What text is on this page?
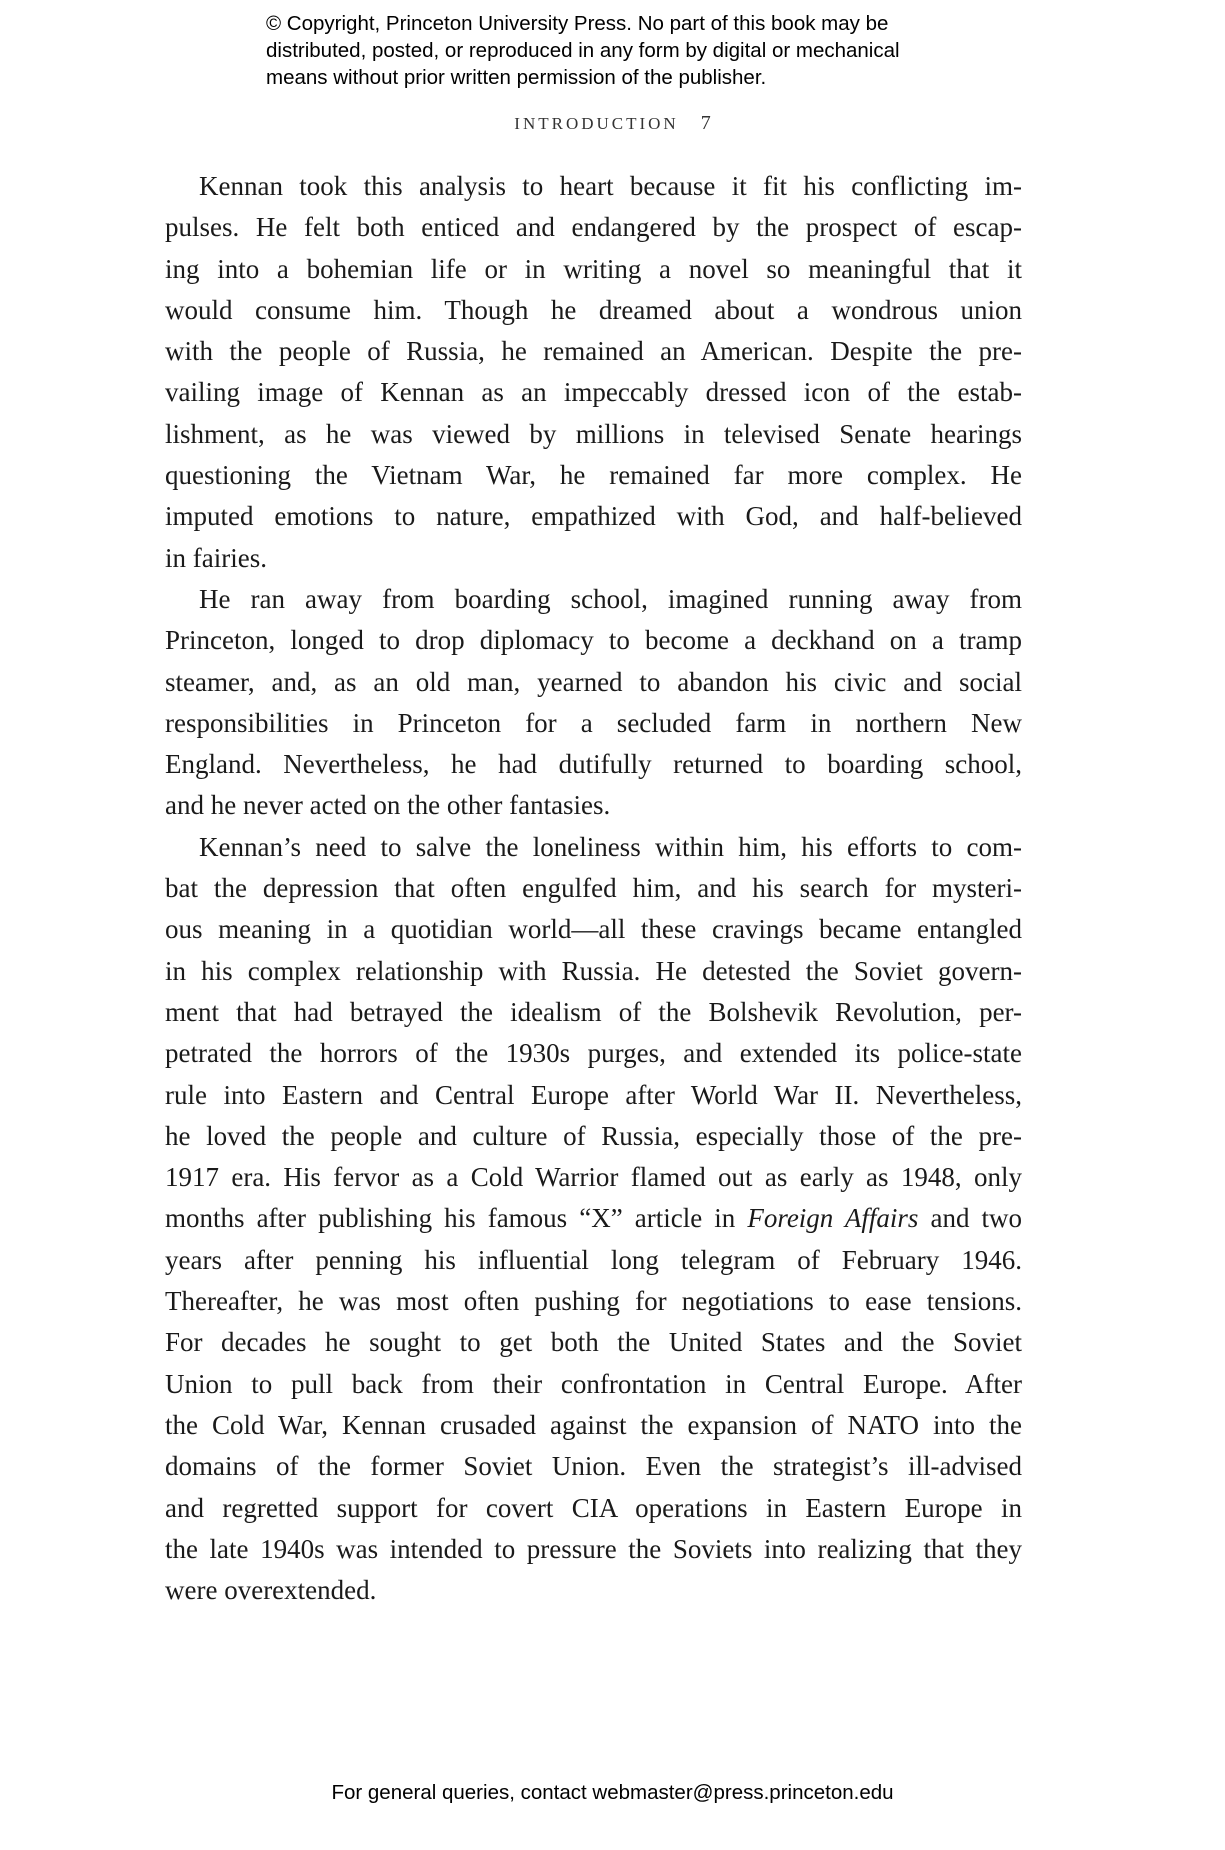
© Copyright, Princeton University Press. No part of this book may be
distributed, posted, or reproduced in any form by digital or mechanical
means without prior written permission of the publisher.
INTRODUCTION 7
Kennan took this analysis to heart because it fit his conflicting im-
pulses. He felt both enticed and endangered by the prospect of escap-
ing into a bohemian life or in writing a novel so meaningful that it
would consume him. Though he dreamed about a wondrous union
with the people of Russia, he remained an American. Despite the pre-
vailing image of Kennan as an impeccably dressed icon of the estab-
lishment, as he was viewed by millions in televised Senate hearings
questioning the Vietnam War, he remained far more complex. He
imputed emotions to nature, empathized with God, and half-believed
in fairies.
He ran away from boarding school, imagined running away from
Princeton, longed to drop diplomacy to become a deckhand on a tramp
steamer, and, as an old man, yearned to abandon his civic and social
responsibilities in Princeton for a secluded farm in northern New
England. Nevertheless, he had dutifully returned to boarding school,
and he never acted on the other fantasies.
Kennan’s need to salve the loneliness within him, his efforts to com-
bat the depression that often engulfed him, and his search for mysteri-
ous meaning in a quotidian world—all these cravings became entangled
in his complex relationship with Russia. He detested the Soviet govern-
ment that had betrayed the idealism of the Bolshevik Revolution, per-
petrated the horrors of the 1930s purges, and extended its police-state
rule into Eastern and Central Europe after World War II. Nevertheless,
he loved the people and culture of Russia, especially those of the pre-
1917 era. His fervor as a Cold Warrior flamed out as early as 1948, only
months after publishing his famous “X” article in Foreign Affairs and two
years after penning his influential long telegram of February 1946.
Thereafter, he was most often pushing for negotiations to ease tensions.
For decades he sought to get both the United States and the Soviet
Union to pull back from their confrontation in Central Europe. After
the Cold War, Kennan crusaded against the expansion of NATO into the
domains of the former Soviet Union. Even the strategist’s ill-advised
and regretted support for covert CIA operations in Eastern Europe in
the late 1940s was intended to pressure the Soviets into realizing that they
were overextended.
For general queries, contact webmaster@press.princeton.edu
